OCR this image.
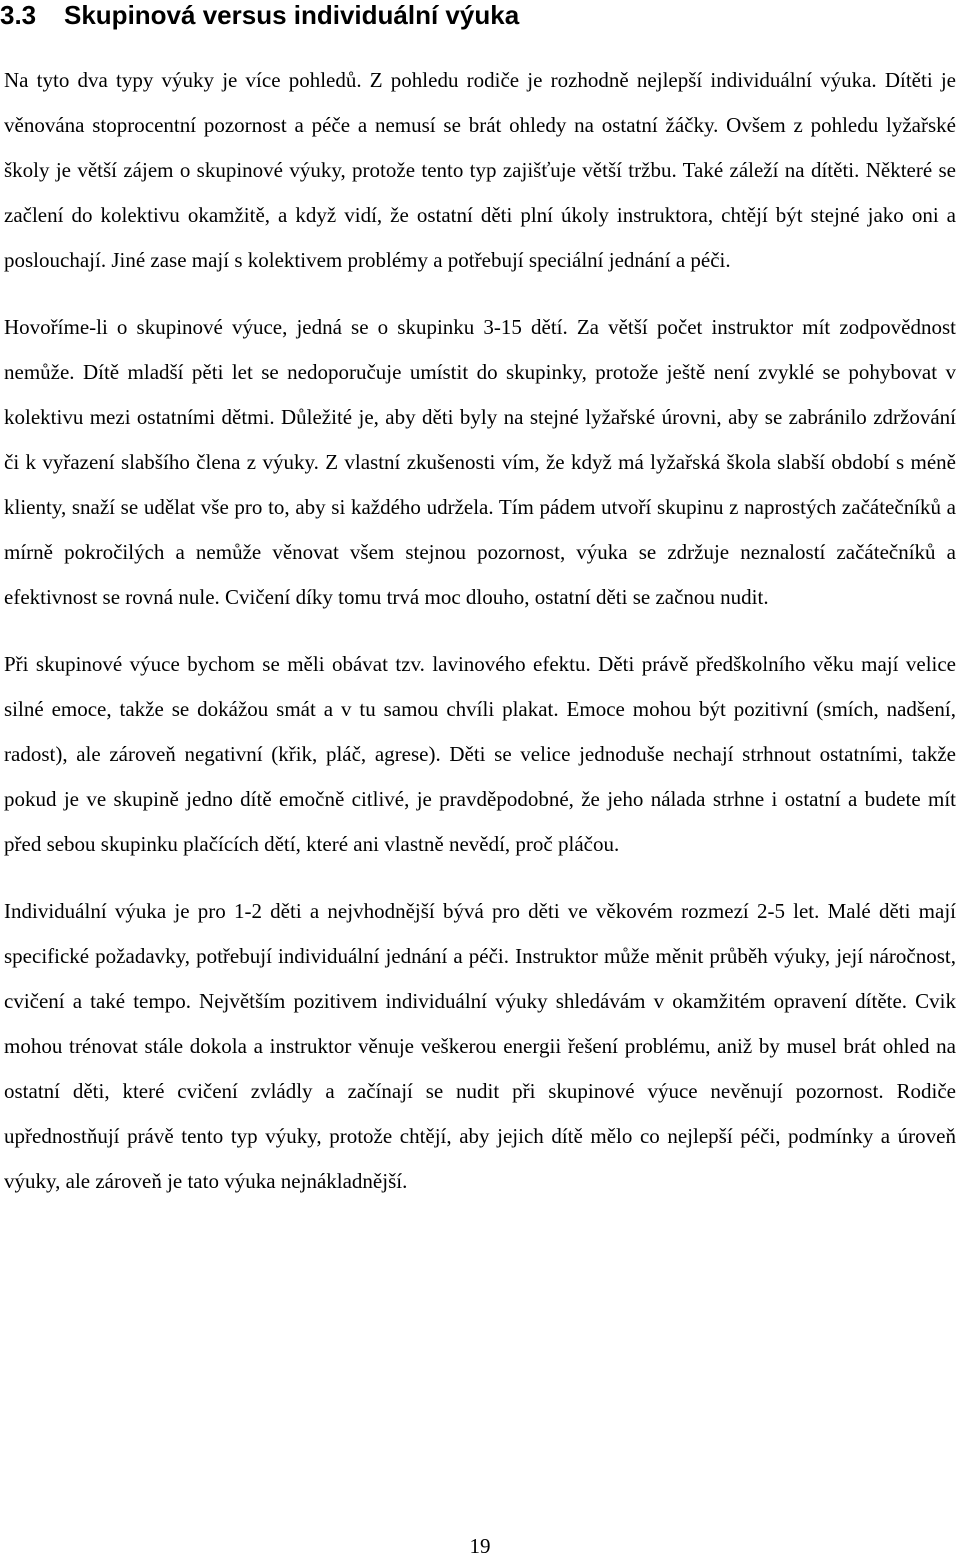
3.3 Skupinová versus individuální výuka

Na tyto dva typy výuky je více pohledů. Z pohledu rodiče je rozhodně nejlepší individuální výuka. Dítěti je věnována stoprocentní pozornost a péče a nemusí se brát ohledy na ostatní žáčky. Ovšem z pohledu lyžařské školy je větší zájem o skupinové výuky, protože tento typ zajišťuje větší tržbu. Také záleží na dítěti. Některé se začlení do kolektivu okamžitě, a když vidí, že ostatní děti plní úkoly instruktora, chtějí být stejné jako oni a poslouchají. Jiné zase mají s kolektivem problémy a potřebují speciální jednání a péči.

Hovoříme-li o skupinové výuce, jedná se o skupinku 3-15 dětí. Za větší počet instruktor mít zodpovědnost nemůže. Dítě mladší pěti let se nedoporučuje umístit do skupinky, protože ještě není zvyklé se pohybovat v kolektivu mezi ostatními dětmi. Důležité je, aby děti byly na stejné lyžařské úrovni, aby se zabránilo zdržování či k vyřazení slabšího člena z výuky. Z vlastní zkušenosti vím, že když má lyžařská škola slabší období s méně klienty, snaží se udělat vše pro to, aby si každého udržela. Tím pádem utvoří skupinu z naprostých začátečníků a mírně pokročilých a nemůže věnovat všem stejnou pozornost, výuka se zdržuje neznalostí začátečníků a efektivnost se rovná nule. Cvičení díky tomu trvá moc dlouho, ostatní děti se začnou nudit.

Při skupinové výuce bychom se měli obávat tzv. lavinového efektu. Děti právě předškolního věku mají velice silné emoce, takže se dokážou smát a v tu samou chvíli plakat. Emoce mohou být pozitivní (smích, nadšení, radost), ale zároveň negativní (křik, pláč, agrese). Děti se velice jednoduše nechají strhnout ostatními, takže pokud je ve skupině jedno dítě emočně citlivé, je pravděpodobné, že jeho nálada strhne i ostatní a budete mít před sebou skupinku plačících dětí, které ani vlastně nevědí, proč pláčou.

Individuální výuka je pro 1-2 děti a nejvhodnější bývá pro děti ve věkovém rozmezí 2-5 let. Malé děti mají specifické požadavky, potřebují individuální jednání a péči. Instruktor může měnit průběh výuky, její náročnost, cvičení a také tempo. Největším pozitivem individuální výuky shledávám v okamžitém opravení dítěte. Cvik mohou trénovat stále dokola a instruktor věnuje veškerou energii řešení problému, aniž by musel brát ohled na ostatní děti, které cvičení zvládly a začínají se nudit při skupinové výuce nevěnují pozornost. Rodiče upřednostňují právě tento typ výuky, protože chtějí, aby jejich dítě mělo co nejlepší péči, podmínky a úroveň výuky, ale zároveň je tato výuka nejnákladnější.

19
